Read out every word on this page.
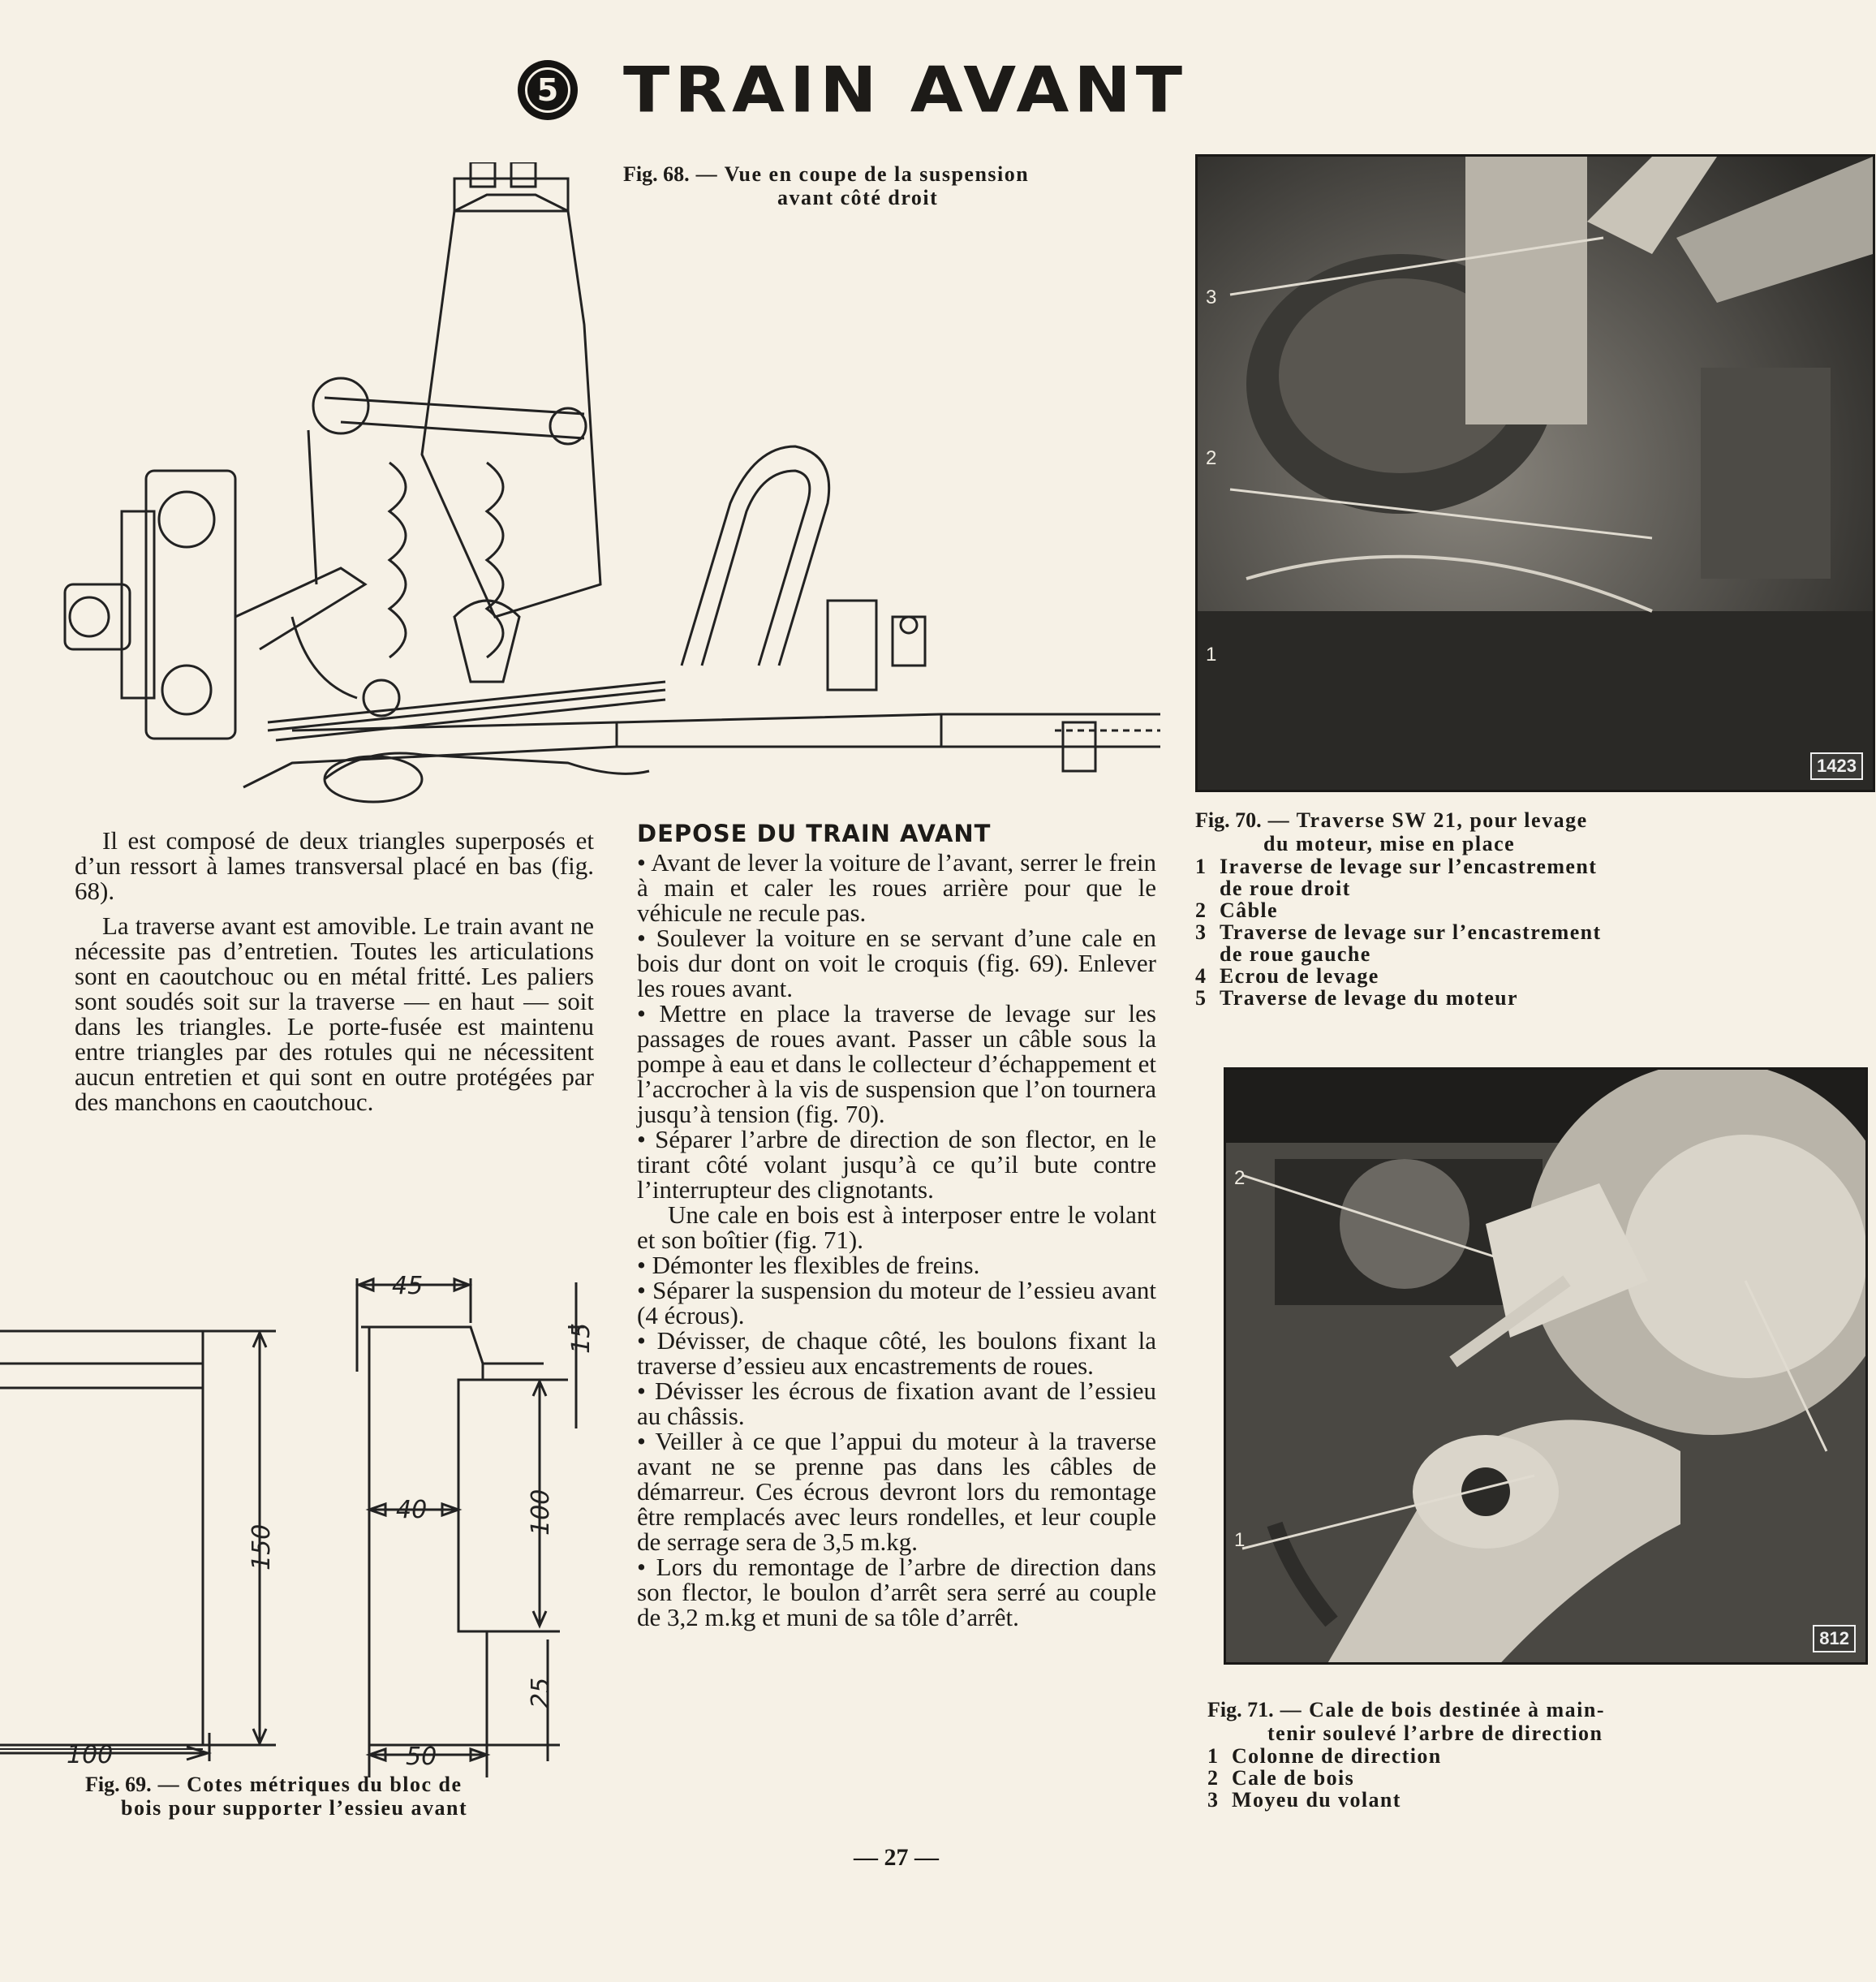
5 TRAIN AVANT
Fig. 68. — Vue en coupe de la suspension
avant côté droit
3
2
1
1423
Fig. 70. — Traverse SW 21, pour levage
du moteur, mise en place
1 Iraverse de levage sur l’encastrement
de roue droit
2 Câble
3 Traverse de levage sur l’encastrement
de roue gauche
4 Ecrou de levage
5 Traverse de levage du moteur
2
1
812
Fig. 71. — Cale de bois destinée à main-
tenir soulevé l’arbre de direction
1 Colonne de direction
2 Cale de bois
3 Moyeu du volant

Il est composé de deux triangles superposés et d’un ressort à lames transversal placé en bas (fig. 68).

La traverse avant est amovible. Le train avant ne nécessite pas d’entretien. Toutes les articulations sont en caoutchouc ou en métal fritté. Les paliers sont soudés soit sur la traverse — en haut — soit dans les triangles. Le porte-fusée est maintenu entre triangles par des rotules qui ne nécessitent aucun entretien et qui sont en outre protégées par des manchons en caoutchouc.

DEPOSE DU TRAIN AVANT

• Avant de lever la voiture de l’avant, serrer le frein à main et caler les roues arrière pour que le véhicule ne recule pas.

• Soulever la voiture en se servant d’une cale en bois dur dont on voit le croquis (fig. 69). Enlever les roues avant.

• Mettre en place la traverse de levage sur les passages de roues avant. Passer un câble sous la pompe à eau et dans le collecteur d’échappement et l’accrocher à la vis de suspension que l’on tournera jusqu’à tension (fig. 70).

• Séparer l’arbre de direction de son flector, en le tirant côté volant jusqu’à ce qu’il bute contre l’interrupteur des clignotants.

Une cale en bois est à interposer entre le volant et son boîtier (fig. 71).

• Démonter les flexibles de freins.

• Séparer la suspension du moteur de l’essieu avant (4 écrous).

• Dévisser, de chaque côté, les boulons fixant la traverse d’essieu aux encastrements de roues.

• Dévisser les écrous de fixation avant de l’essieu au châssis.

• Veiller à ce que l’appui du moteur à la traverse avant ne se prenne pas dans les câbles de démarreur. Ces écrous devront lors du remontage être remplacés avec leurs rondelles, et leur couple de serrage sera de 3,5 m.kg.

• Lors du remontage de l’arbre de direction dans son flector, le boulon d’arrêt sera serré au couple de 3,2 m.kg et muni de sa tôle d’arrêt.

45
15
40	100
150
25
50
100
Fig. 69. — Cotes métriques du bloc de
bois pour supporter l’essieu avant
— 27 —
